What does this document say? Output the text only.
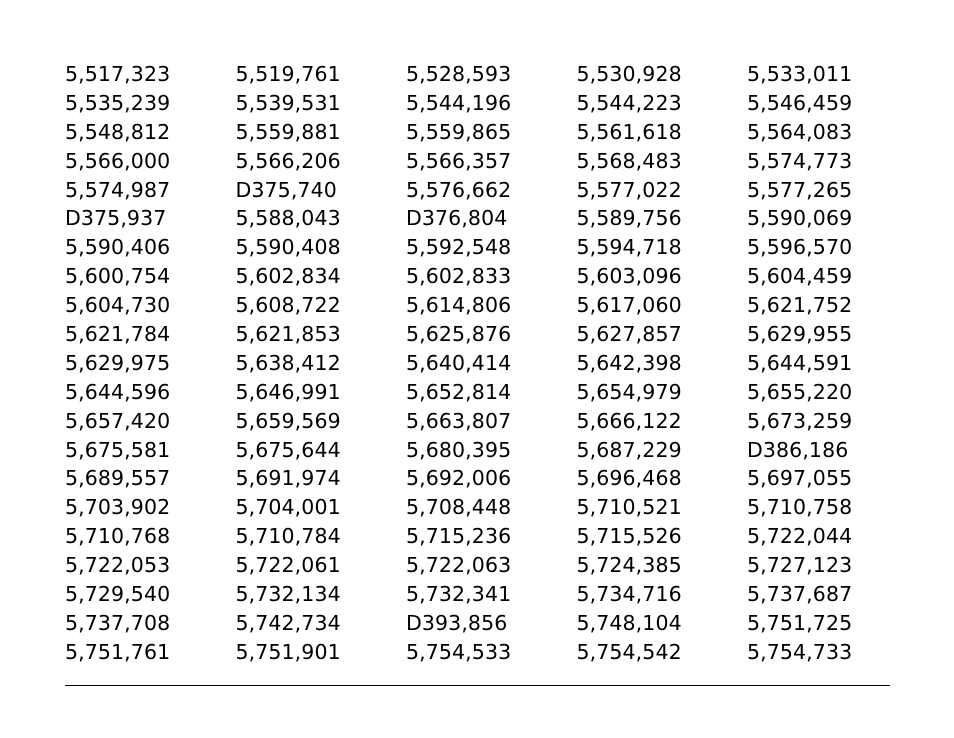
5,517,323	5,519,761	5,528,593	5,530,928	5,533,011
5,535,239	5,539,531	5,544,196	5,544,223	5,546,459
5,548,812	5,559,881	5,559,865	5,561,618	5,564,083
5,566,000	5,566,206	5,566,357	5,568,483	5,574,773
5,574,987	D375,740	5,576,662	5,577,022	5,577,265
D375,937	5,588,043	D376,804	5,589,756	5,590,069
5,590,406	5,590,408	5,592,548	5,594,718	5,596,570
5,600,754	5,602,834	5,602,833	5,603,096	5,604,459
5,604,730	5,608,722	5,614,806	5,617,060	5,621,752
5,621,784	5,621,853	5,625,876	5,627,857	5,629,955
5,629,975	5,638,412	5,640,414	5,642,398	5,644,591
5,644,596	5,646,991	5,652,814	5,654,979	5,655,220
5,657,420	5,659,569	5,663,807	5,666,122	5,673,259
5,675,581	5,675,644	5,680,395	5,687,229	D386,186
5,689,557	5,691,974	5,692,006	5,696,468	5,697,055
5,703,902	5,704,001	5,708,448	5,710,521	5,710,758
5,710,768	5,710,784	5,715,236	5,715,526	5,722,044
5,722,053	5,722,061	5,722,063	5,724,385	5,727,123
5,729,540	5,732,134	5,732,341	5,734,716	5,737,687
5,737,708	5,742,734	D393,856	5,748,104	5,751,725
5,751,761	5,751,901	5,754,533	5,754,542	5,754,733
